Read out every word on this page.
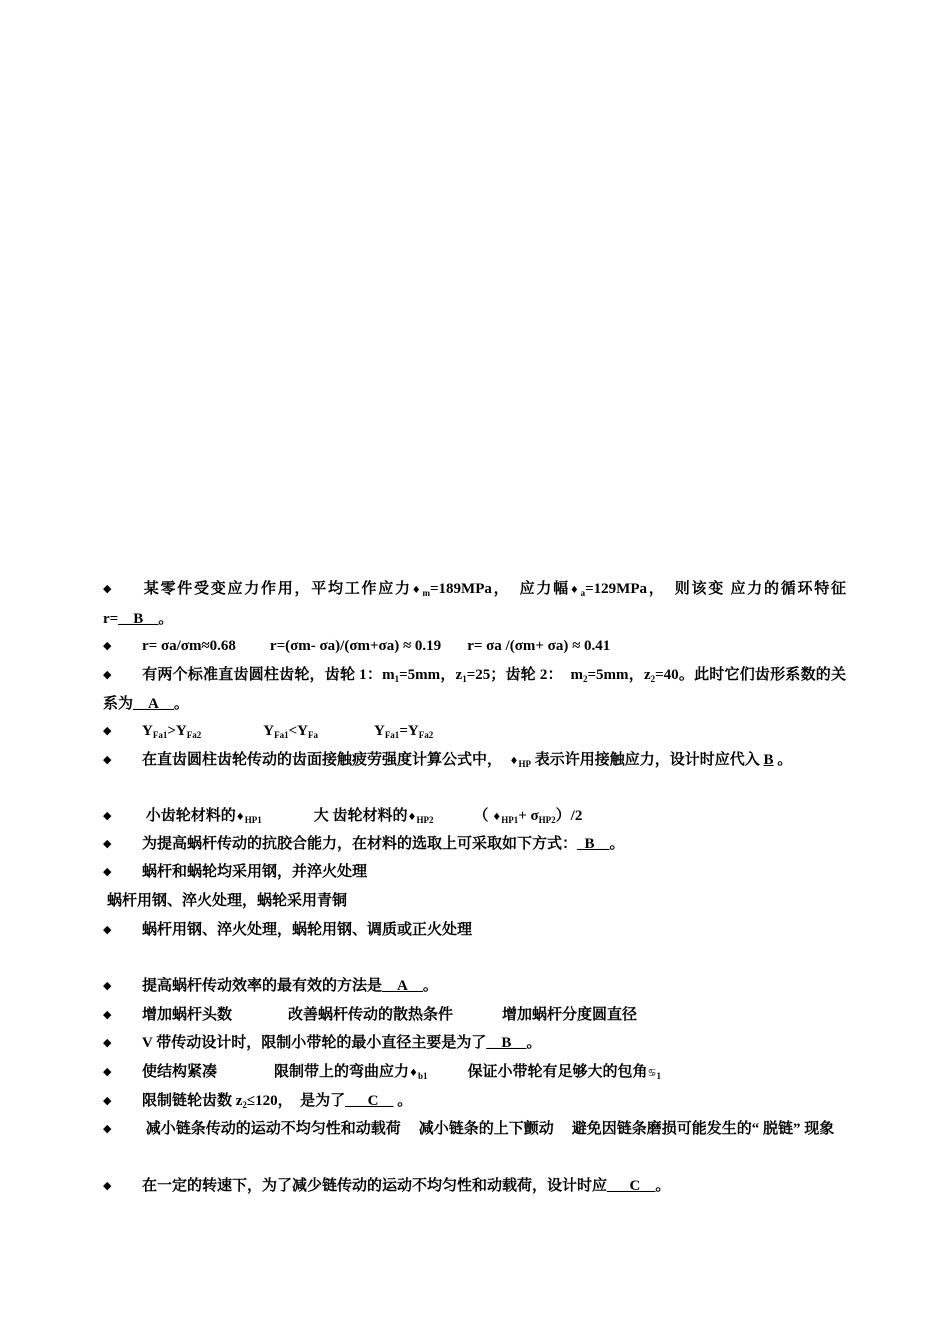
◆ 某零件受变应力作用，平均工作应力$♦_m=189MPa$，　应力幅$♦_a=129MPa$，　则该变 应力的循环特征 r=__B__。
◆ r= σa/σm≈0.68 r=(σm- σa)/(σm+σa) ≈ 0.19 r= σa /(σm+ σa) ≈ 0.41
◆ 有两个标准直齿圆柱齿轮，齿轮 1：$m_1=5mm$，$z_1=25$；齿轮 2：　$m_2=5mm$，$z_2=40$。此时它们齿形系数的关系为__A__。
◆ $Y_{Fa1}>Y_{Fa2}$	$Y_{Fa1}<Y_{Fa}$	$Y_{Fa1}=Y_{Fa2}$
◆ 在直齿圆柱齿轮传动的齿面接触疲劳强度计算公式中，　$♦_{HP}$ 表示许用接触应力，设计时应代入 B 。
◆ 小齿轮材料的$♦_{HP1}$	大 齿轮材料的$♦_{HP2}$	（ $♦_{HP1}+ \sigma_{HP2})/2$
◆ 为提高蜗杆传动的抗胶合能力，在材料的选取上可采取如下方式：_B__。
◆ 蜗杆和蜗轮均采用钢，并淬火处理
蜗杆用钢、淬火处理，蜗轮采用青铜
◆ 蜗杆用钢、淬火处理，蜗轮用钢、调质或正火处理
◆ 提高蜗杆传动效率的最有效的方法是__A__。
◆ 增加蜗杆头数	改善蜗杆传动的散热条件	增加蜗杆分度圆直径
◆ V 带传动设计时，限制小带轮的最小直径主要是为了__B__。
◆ 使结构紧凑	限制带上的弯曲应力$♦_{b1}$	保证小带轮有足够大的包角$♋_1$
◆ 限制链轮齿数 $z_2\le 120$，　是为了___C__ 。
◆ 减小链条传动的运动不均匀性和动载荷 减小链条的上下颤动 避免因链条磨损可能发生的“ 脱链” 现象
◆ 在一定的转速下，为了减少链传动的运动不均匀性和动载荷，设计时应___C__。
